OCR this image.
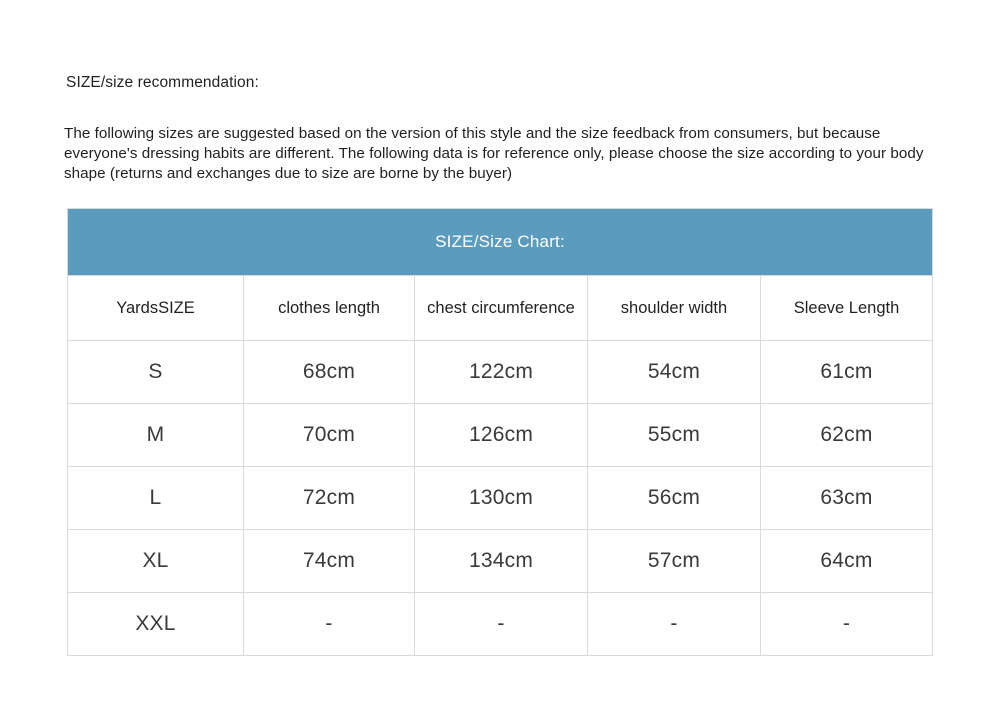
SIZE/size recommendation:
The following sizes are suggested based on the version of this style and the size feedback from consumers, but because everyone's dressing habits are different. The following data is for reference only, please choose the size according to your body shape (returns and exchanges due to size are borne by the buyer)
SIZE/Size Chart:				
YardsSIZE	clothes length	chest circumference	shoulder width	Sleeve Length
S	68cm	122cm	54cm	61cm
M	70cm	126cm	55cm	62cm
L	72cm	130cm	56cm	63cm
XL	74cm	134cm	57cm	64cm
XXL	-	-	-	-
